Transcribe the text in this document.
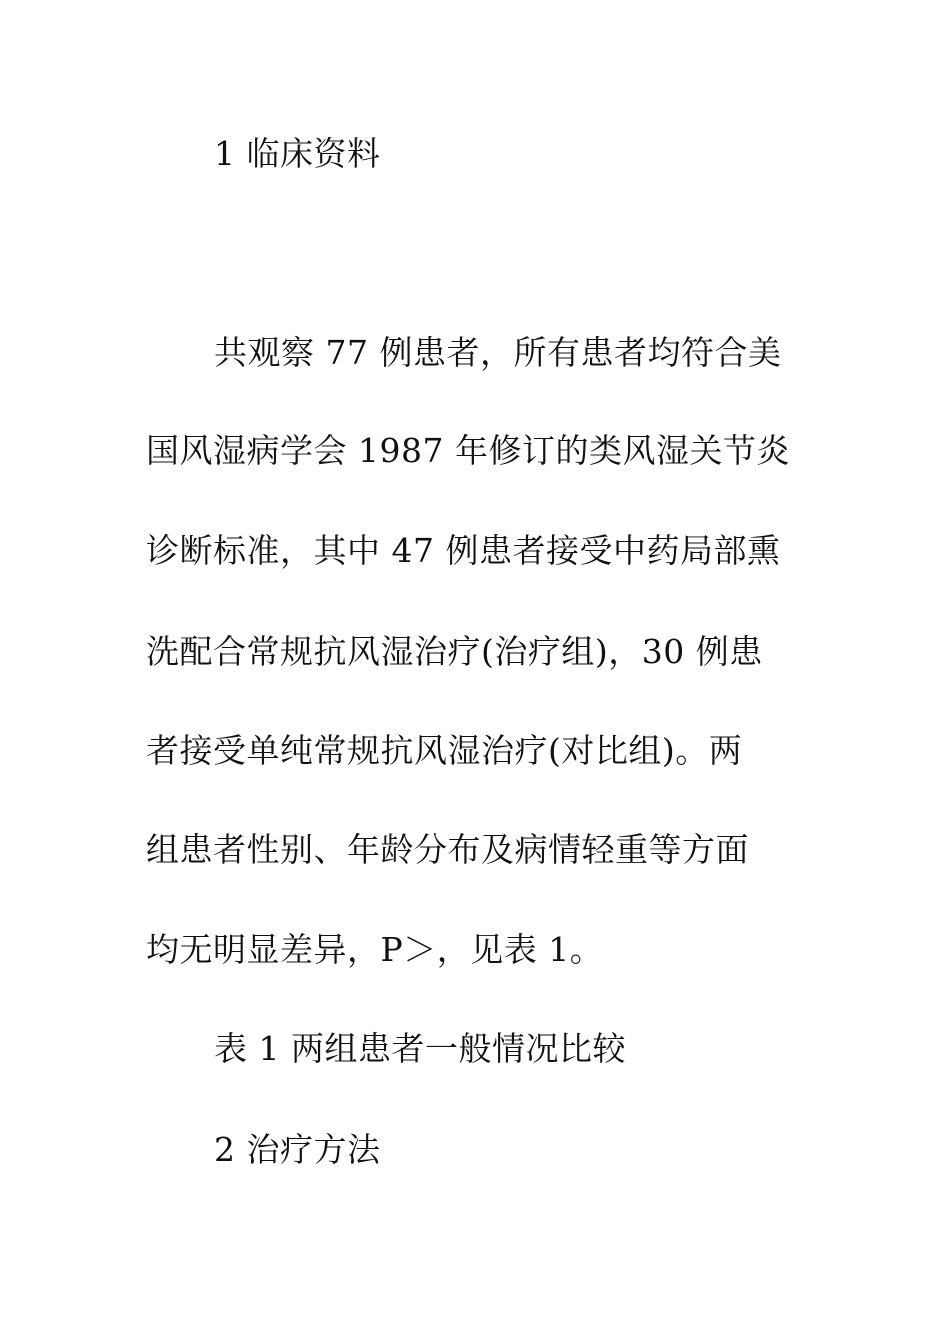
1 临床资料
共观察 77 例患者，所有患者均符合美
国风湿病学会 1987 年修订的类风湿关节炎
诊断标准，其中 47 例患者接受中药局部熏
洗配合常规抗风湿治疗(治疗组)，30 例患
者接受单纯常规抗风湿治疗(对比组)。两
组患者性别、年龄分布及病情轻重等方面
均无明显差异，P＞，见表 1。
表 1 两组患者一般情况比较
2 治疗方法
